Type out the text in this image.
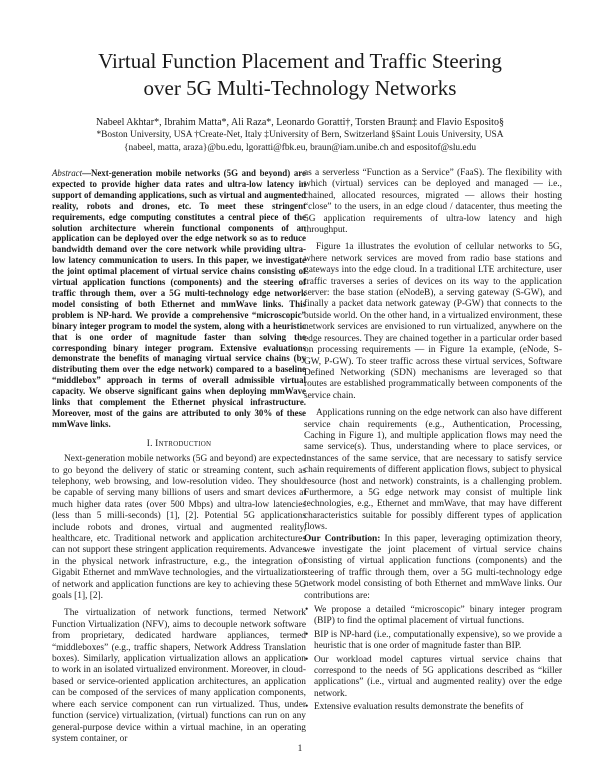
Virtual Function Placement and Traffic Steering
over 5G Multi-Technology Networks
Nabeel Akhtar*, Ibrahim Matta*, Ali Raza*, Leonardo Goratti†, Torsten Braun‡ and Flavio Esposito§
*Boston University, USA †Create-Net, Italy ‡University of Bern, Switzerland §Saint Louis University, USA
{nabeel, matta, araza}@bu.edu, lgoratti@fbk.eu, braun@iam.unibe.ch and espositof@slu.edu
Abstract—Next-generation mobile networks (5G and beyond) are expected to provide higher data rates and ultra-low latency in support of demanding applications, such as virtual and augmented reality, robots and drones, etc. To meet these stringent requirements, edge computing constitutes a central piece of the solution architecture wherein functional components of an application can be deployed over the edge network so as to reduce bandwidth demand over the core network while providing ultra-low latency communication to users. In this paper, we investigate the joint optimal placement of virtual service chains consisting of virtual application functions (components) and the steering of traffic through them, over a 5G multi-technology edge network model consisting of both Ethernet and mmWave links. This problem is NP-hard. We provide a comprehensive “microscopic” binary integer program to model the system, along with a heuristic that is one order of magnitude faster than solving the corresponding binary integer program. Extensive evaluations demonstrate the benefits of managing virtual service chains (by distributing them over the edge network) compared to a baseline “middlebox” approach in terms of overall admissible virtual capacity. We observe significant gains when deploying mmWave links that complement the Ethernet physical infrastructure. Moreover, most of the gains are attributed to only 30% of these mmWave links.
I. Introduction

Next-generation mobile networks (5G and beyond) are expected to go beyond the delivery of static or streaming content, such as telephony, web browsing, and low-resolution video. They should be capable of serving many billions of users and smart devices at much higher data rates (over 500 Mbps) and ultra-low latencies (less than 5 milli-seconds) [1], [2]. Potential 5G applications include robots and drones, virtual and augmented reality, healthcare, etc. Traditional network and application architectures can not support these stringent application requirements. Advances in the physical network infrastructure, e.g., the integration of Gigabit Ethernet and mmWave technologies, and the virtualization of network and application functions are key to achieving these 5G goals [1], [2].

The virtualization of network functions, termed Network Function Virtualization (NFV), aims to decouple network software from proprietary, dedicated hardware appliances, termed “middleboxes” (e.g., traffic shapers, Network Address Translation boxes). Similarly, application virtualization allows an application to work in an isolated virtualized environment. Moreover, in cloud-based or service-oriented application architectures, an application can be composed of the services of many application components, where each service component can run virtualized. Thus, under function (service) virtualization, (virtual) functions can run on any general-purpose device within a virtual machine, in an operating system container, or

as a serverless “Function as a Service” (FaaS). The flexibility with which (virtual) services can be deployed and managed — i.e., chained, allocated resources, migrated — allows their hosting “close” to the users, in an edge cloud / datacenter, thus meeting the 5G application requirements of ultra-low latency and high throughput.

Figure 1a illustrates the evolution of cellular networks to 5G, where network services are moved from radio base stations and gateways into the edge cloud. In a traditional LTE architecture, user traffic traverses a series of devices on its way to the application server: the base station (eNodeB), a serving gateway (S-GW), and finally a packet data network gateway (P-GW) that connects to the outside world. On the other hand, in a virtualized environment, these network services are envisioned to run virtualized, anywhere on the edge resources. They are chained together in a particular order based on processing requirements — in Figure 1a example, (eNode, S-GW, P-GW). To steer traffic across these virtual services, Software Defined Networking (SDN) mechanisms are leveraged so that routes are established programmatically between components of the service chain.

Applications running on the edge network can also have different service chain requirements (e.g., Authentication, Processing, Caching in Figure 1), and multiple application flows may need the same service(s). Thus, understanding where to place services, or instances of the same service, that are necessary to satisfy service chain requirements of different application flows, subject to physical resource (host and network) constraints, is a challenging problem. Furthermore, a 5G edge network may consist of multiple link technologies, e.g., Ethernet and mmWave, that may have different characteristics suitable for possibly different types of application flows.

Our Contribution: In this paper, leveraging optimization theory, we investigate the joint placement of virtual service chains consisting of virtual application functions (components) and the steering of traffic through them, over a 5G multi-technology edge network model consisting of both Ethernet and mmWave links. Our contributions are:

• We propose a detailed “microscopic” binary integer program (BIP) to find the optimal placement of virtual functions.
• BIP is NP-hard (i.e., computationally expensive), so we provide a heuristic that is one order of magnitude faster than BIP.
• Our workload model captures virtual service chains that correspond to the needs of 5G applications described as “killer applications” (i.e., virtual and augmented reality) over the edge network.
• Extensive evaluation results demonstrate the benefits of
1
